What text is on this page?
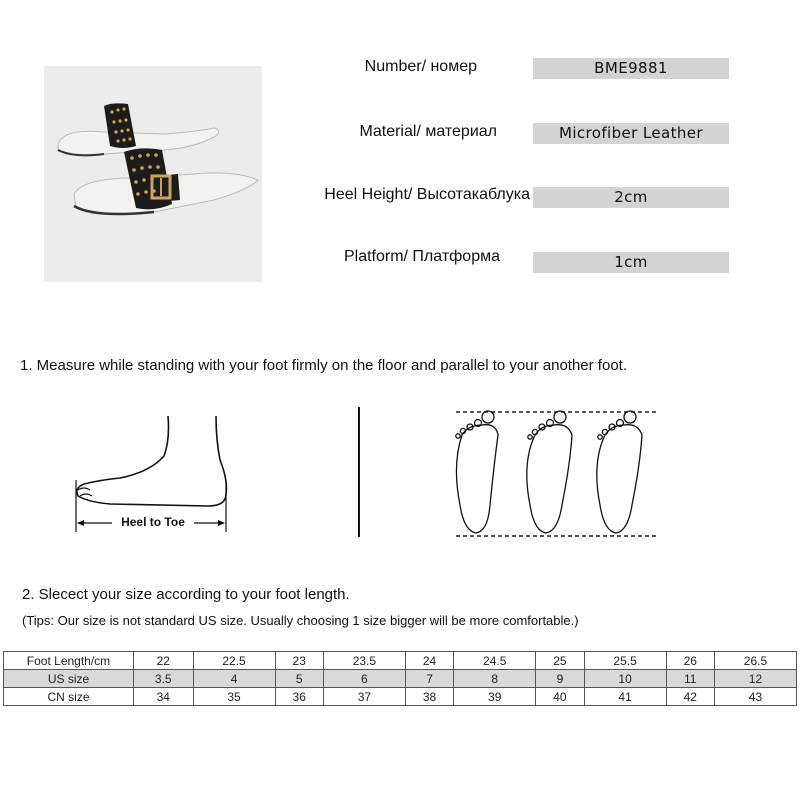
Number/ номер	BME9881
Material/ материал	Microfiber Leather
Heel Height/ Высотакаблука	2cm
Platform/ Платформа	1cm
1. Measure while standing with your foot firmly on the floor and parallel to your another foot.
Heel to Toe
2. Slecect your size according to your foot length.
(Tips: Our size is not standard US size. Usually choosing 1 size bigger will be more comfortable.)
Foot Length/cm	22	22.5	23	23.5	24	24.5	25	25.5	26	26.5
US size	3.5	4	5	6	7	8	9	10	11	12
CN size	34	35	36	37	38	39	40	41	42	43
